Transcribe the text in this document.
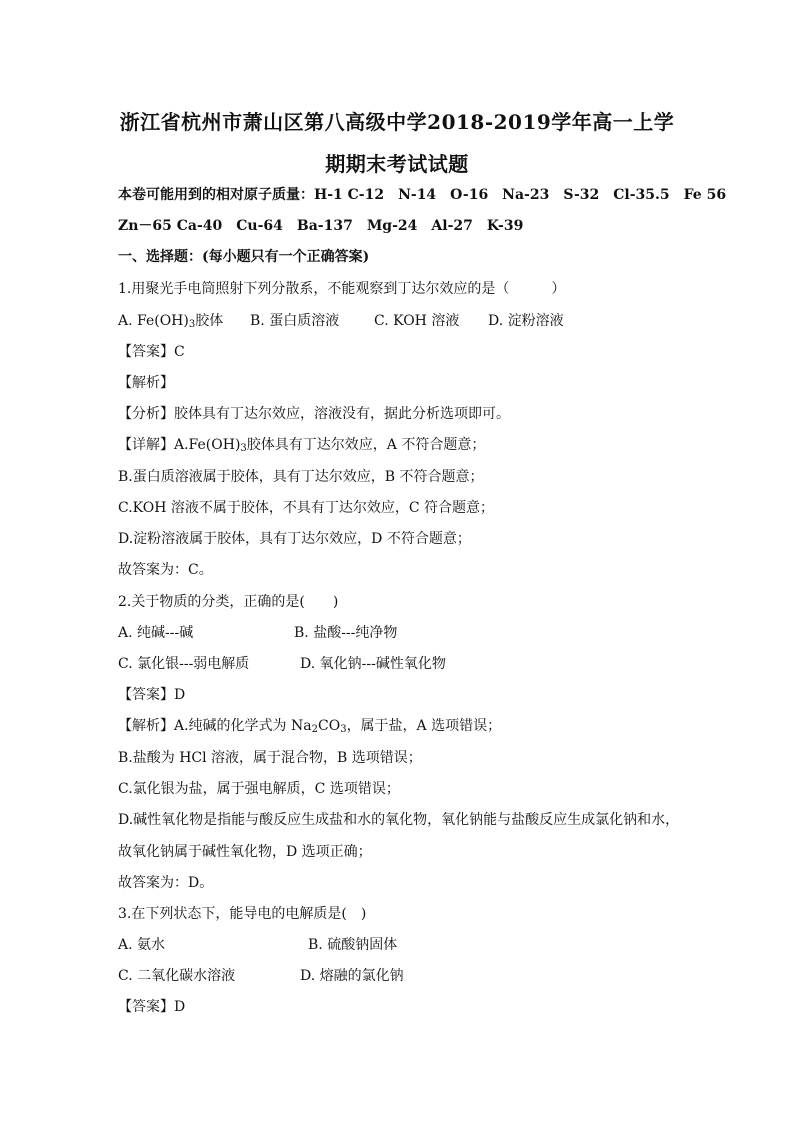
浙江省杭州市萧山区第八高级中学2018-2019学年高一上学
期期末考试试题
本卷可能用到的相对原子质量：H-1 C-12　N-14　O-16　Na-23　S-32　Cl-35.5　Fe 56
Zn－65 Ca-40　Cu-64　Ba-137　Mg-24　Al-27　K-39
一、选择题：(每小题只有一个正确答案)
1.用聚光手电筒照射下列分散系，不能观察到丁达尔效应的是（　　　）
A. $Fe(OH)_3$胶体 B. 蛋白质溶液 C. KOH 溶液 D. 淀粉溶液
【答案】C
【解析】
【分析】胶体具有丁达尔效应，溶液没有，据此分析选项即可。
【详解】$A.Fe(OH)_3$胶体具有丁达尔效应，A 不符合题意；
B.蛋白质溶液属于胶体，具有丁达尔效应，B 不符合题意；
C.KOH 溶液不属于胶体，不具有丁达尔效应，C 符合题意；
D.淀粉溶液属于胶体，具有丁达尔效应，D 不符合题意；
故答案为：C。
2.关于物质的分类，正确的是(　　)
A. 纯碱---碱	B. 盐酸---纯净物
C. 氯化银---弱电解质	D. 氧化钠---碱性氧化物
【答案】D
【解析】A.纯碱的化学式为 $Na_2CO_3$，属于盐，A 选项错误；
B.盐酸为 HCl 溶液，属于混合物，B 选项错误；
C.氯化银为盐，属于强电解质，C 选项错误；
D.碱性氧化物是指能与酸反应生成盐和水的氧化物，氧化钠能与盐酸反应生成氯化钠和水，
故氧化钠属于碱性氧化物，D 选项正确；
故答案为：D。
3.在下列状态下，能导电的电解质是(　)
A. 氨水	B. 硫酸钠固体
C. 二氧化碳水溶液	D. 熔融的氯化钠
【答案】D
